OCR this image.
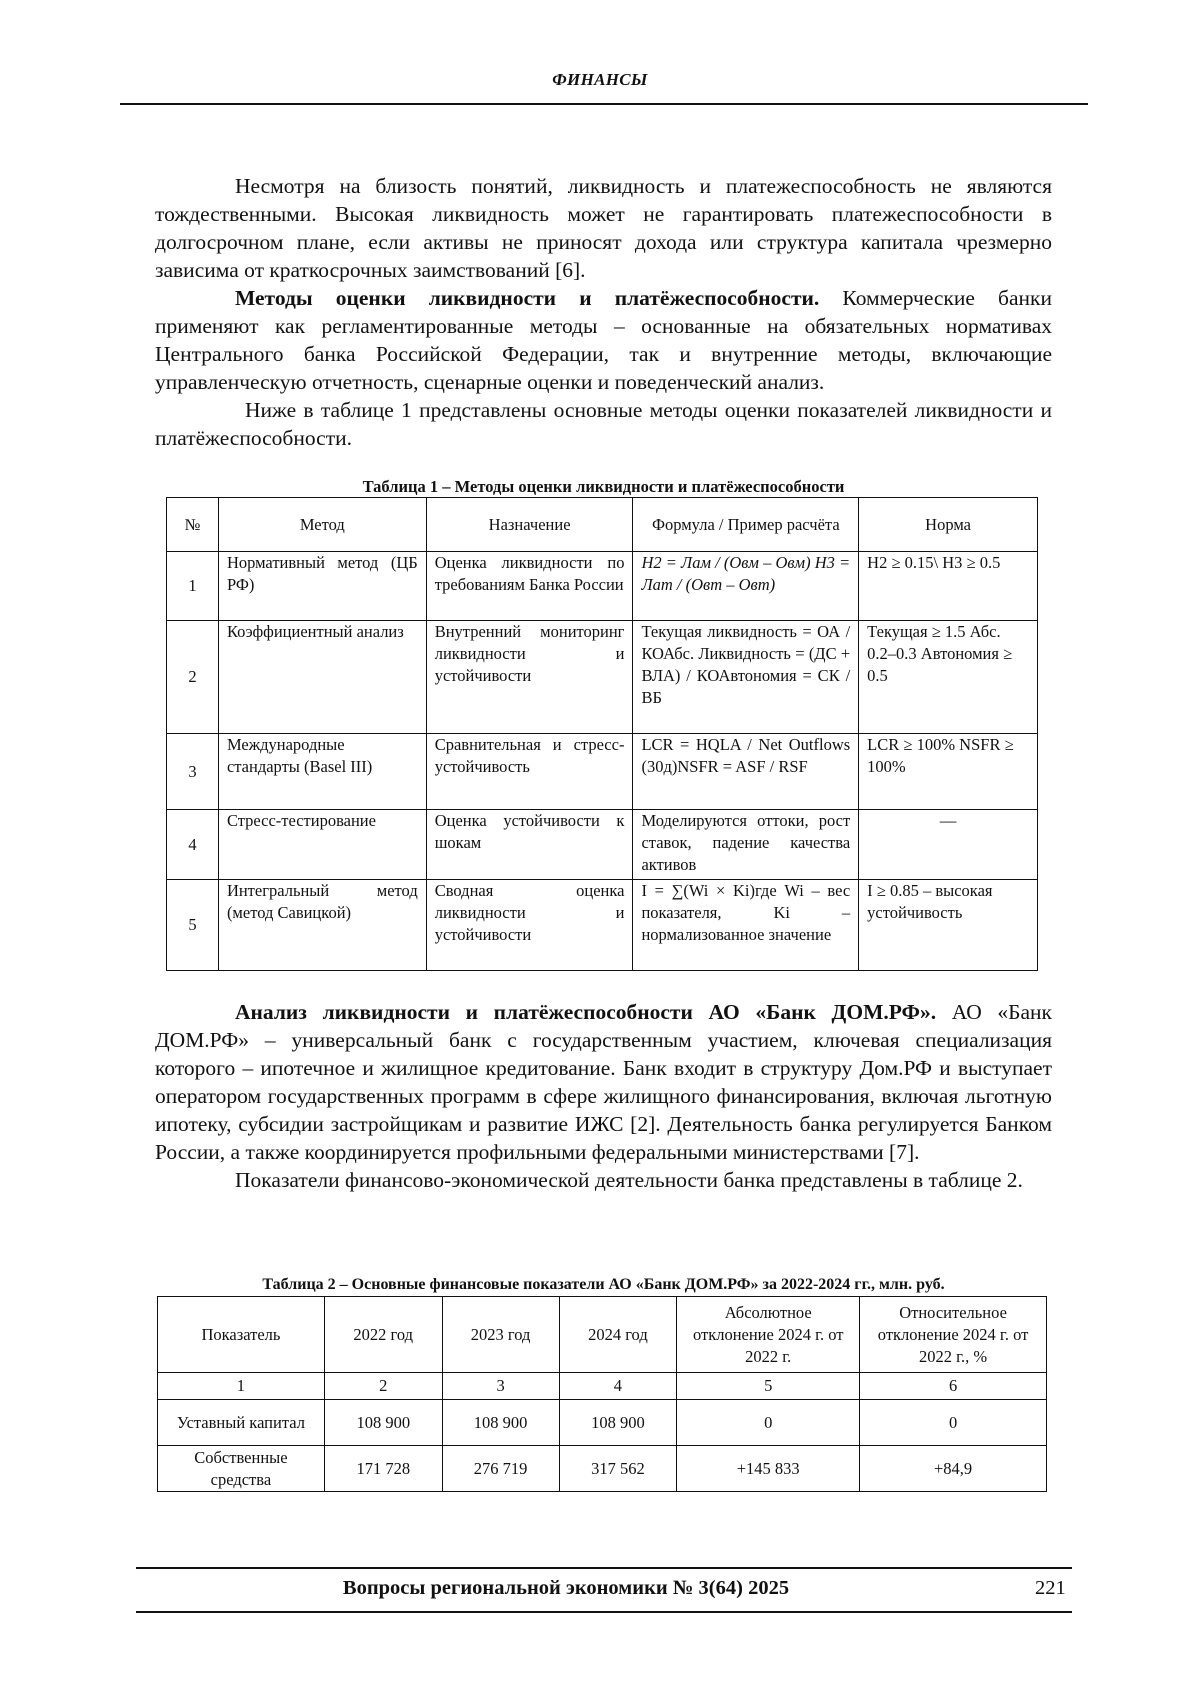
ФИНАНСЫ

Несмотря на близость понятий, ликвидность и платежеспособность не являются тождественными. Высокая ликвидность может не гарантировать платежеспособности в долгосрочном плане, если активы не приносят дохода или структура капитала чрезмерно зависима от краткосрочных заимствований [6].

Методы оценки ликвидности и платёжеспособности. Коммерческие банки применяют как регламентированные методы – основанные на обязательных нормативах Центрального банка Российской Федерации, так и внутренние методы, включающие управленческую отчетность, сценарные оценки и поведенческий анализ.

Ниже в таблице 1 представлены основные методы оценки показателей ликвидности и платёжеспособности.

Таблица 1 – Методы оценки ликвидности и платёжеспособности
№	Метод	Назначение	Формула / Пример расчёта	Норма
1	Нормативный метод (ЦБ РФ)	Оценка ликвидности по требованиям Банка России	Н2 = Лам / (Овм – Овм) Н3 = Лат / (Овт – Овт)	Н2 ≥ 0.15\ Н3 ≥ 0.5
2	Коэффициентный анализ	Внутренний мониторинг ликвидности и устойчивости	Текущая ликвидность = ОА / КОАбс. Ликвидность = (ДС + ВЛА) / КОАвтономия = СК / ВБ	Текущая ≥ 1.5 Абс. 0.2–0.3 Автономия ≥ 0.5
3	Международные стандарты (Basel III)	Сравнительная и стресс-устойчивость	LCR = HQLA / Net Outflows (30д)NSFR = ASF / RSF	LCR ≥ 100% NSFR ≥ 100%
4	Стресс-тестирование	Оценка устойчивости к шокам	Моделируются оттоки, рост ставок, падение качества активов	—
5	Интегральный метод (метод Савицкой)	Сводная оценка ликвидности и устойчивости	I = ∑(Wi × Ki)где Wi – вес показателя, Ki – нормализованное значение	I ≥ 0.85 – высокая устойчивость

Анализ ликвидности и платёжеспособности АО «Банк ДОМ.РФ». АО «Банк ДОМ.РФ» – универсальный банк с государственным участием, ключевая специализация которого – ипотечное и жилищное кредитование. Банк входит в структуру Дом.РФ и выступает оператором государственных программ в сфере жилищного финансирования, включая льготную ипотеку, субсидии застройщикам и развитие ИЖС [2]. Деятельность банка регулируется Банком России, а также координируется профильными федеральными министерствами [7].

Показатели финансово-экономической деятельности банка представлены в таблице 2.

Таблица 2 – Основные финансовые показатели АО «Банк ДОМ.РФ» за 2022-2024 гг., млн. руб.
Показатель	2022 год	2023 год	2024 год	Абсолютное отклонение 2024 г. от 2022 г.	Относительное отклонение 2024 г. от 2022 г., %
1	2	3	4	5	6
Уставный капитал	108 900	108 900	108 900	0	0
Собственные средства	171 728	276 719	317 562	+145 833	+84,9
Вопросы региональной экономики № 3(64) 2025	221
